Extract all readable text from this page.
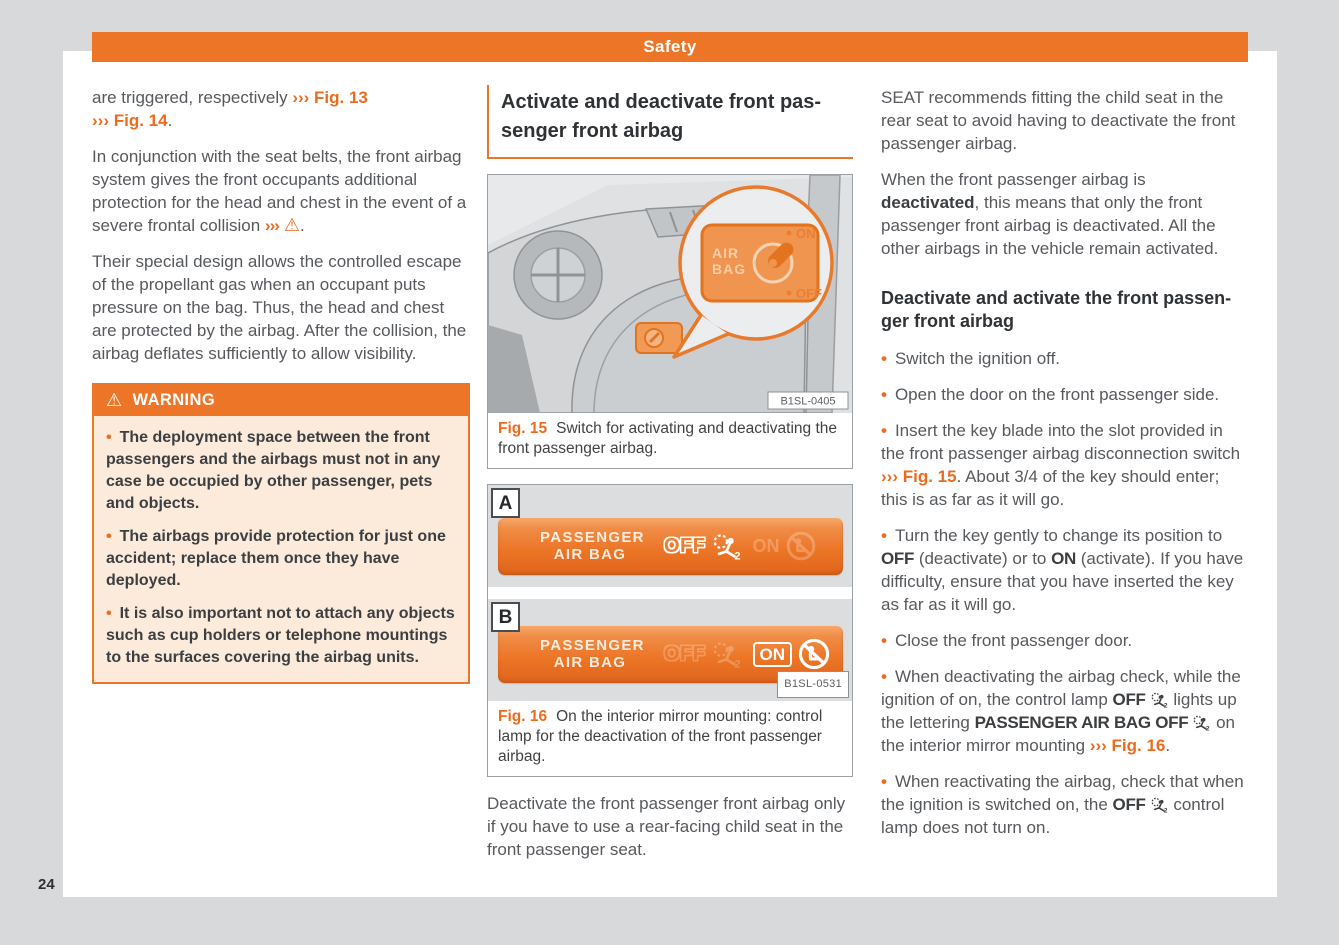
Safety

are triggered, respectively ››› Fig. 13
››› Fig. 14.

In conjunction with the seat belts, the front airbag system gives the front occupants additional protection for the head and chest in the event of a severe frontal collision ››› ⚠.

Their special design allows the controlled escape of the propellant gas when an occupant puts pressure on the bag. Thus, the head and chest are protected by the airbag. After the collision, the airbag deflates sufficiently to allow visibility.

⚠ WARNING

• The deployment space between the front passengers and the airbags must not in any case be occupied by other passenger, pets and objects.

• The airbags provide protection for just one accident; replace them once they have deployed.

• It is also important not to attach any objects such as cup holders or telephone mountings to the surfaces covering the airbag units.

Activate and deactivate front pas-
senger front airbag
AIR
BAG
ON
OFF
B1SL-0405
Fig. 15 Switch for activating and deactivating the front passenger airbag.
A
PASSENGER
AIR BAG	OFF	2
ON
B
PASSENGER
AIR BAG	OFF	2
ON
B1SL-0531
Fig. 16 On the interior mirror mounting: control lamp for the deactivation of the front passenger airbag.

Deactivate the front passenger front airbag only if you have to use a rear-facing child seat in the front passenger seat.

SEAT recommends fitting the child seat in the rear seat to avoid having to deactivate the front passenger airbag.

When the front passenger airbag is deactivated, this means that only the front passenger front airbag is deactivated. All the other airbags in the vehicle remain activated.

Deactivate and activate the front passen-
ger front airbag

• Switch the ignition off.

• Open the door on the front passenger side.

• Insert the key blade into the slot provided in the front passenger airbag disconnection switch ››› Fig. 15. About 3/4 of the key should enter; this is as far as it will go.

• Turn the key gently to change its position to OFF (deactivate) or to ON (activate). If you have difficulty, ensure that you have inserted the key as far as it will go.

• Close the front passenger door.

• When deactivating the airbag check, while the ignition of on, the control lamp OFF 2 lights up the lettering PASSENGER AIR BAG OFF 2 on the interior mirror mounting ››› Fig. 16.

• When reactivating the airbag, check that when the ignition is switched on, the OFF 2 control lamp does not turn on.

24
